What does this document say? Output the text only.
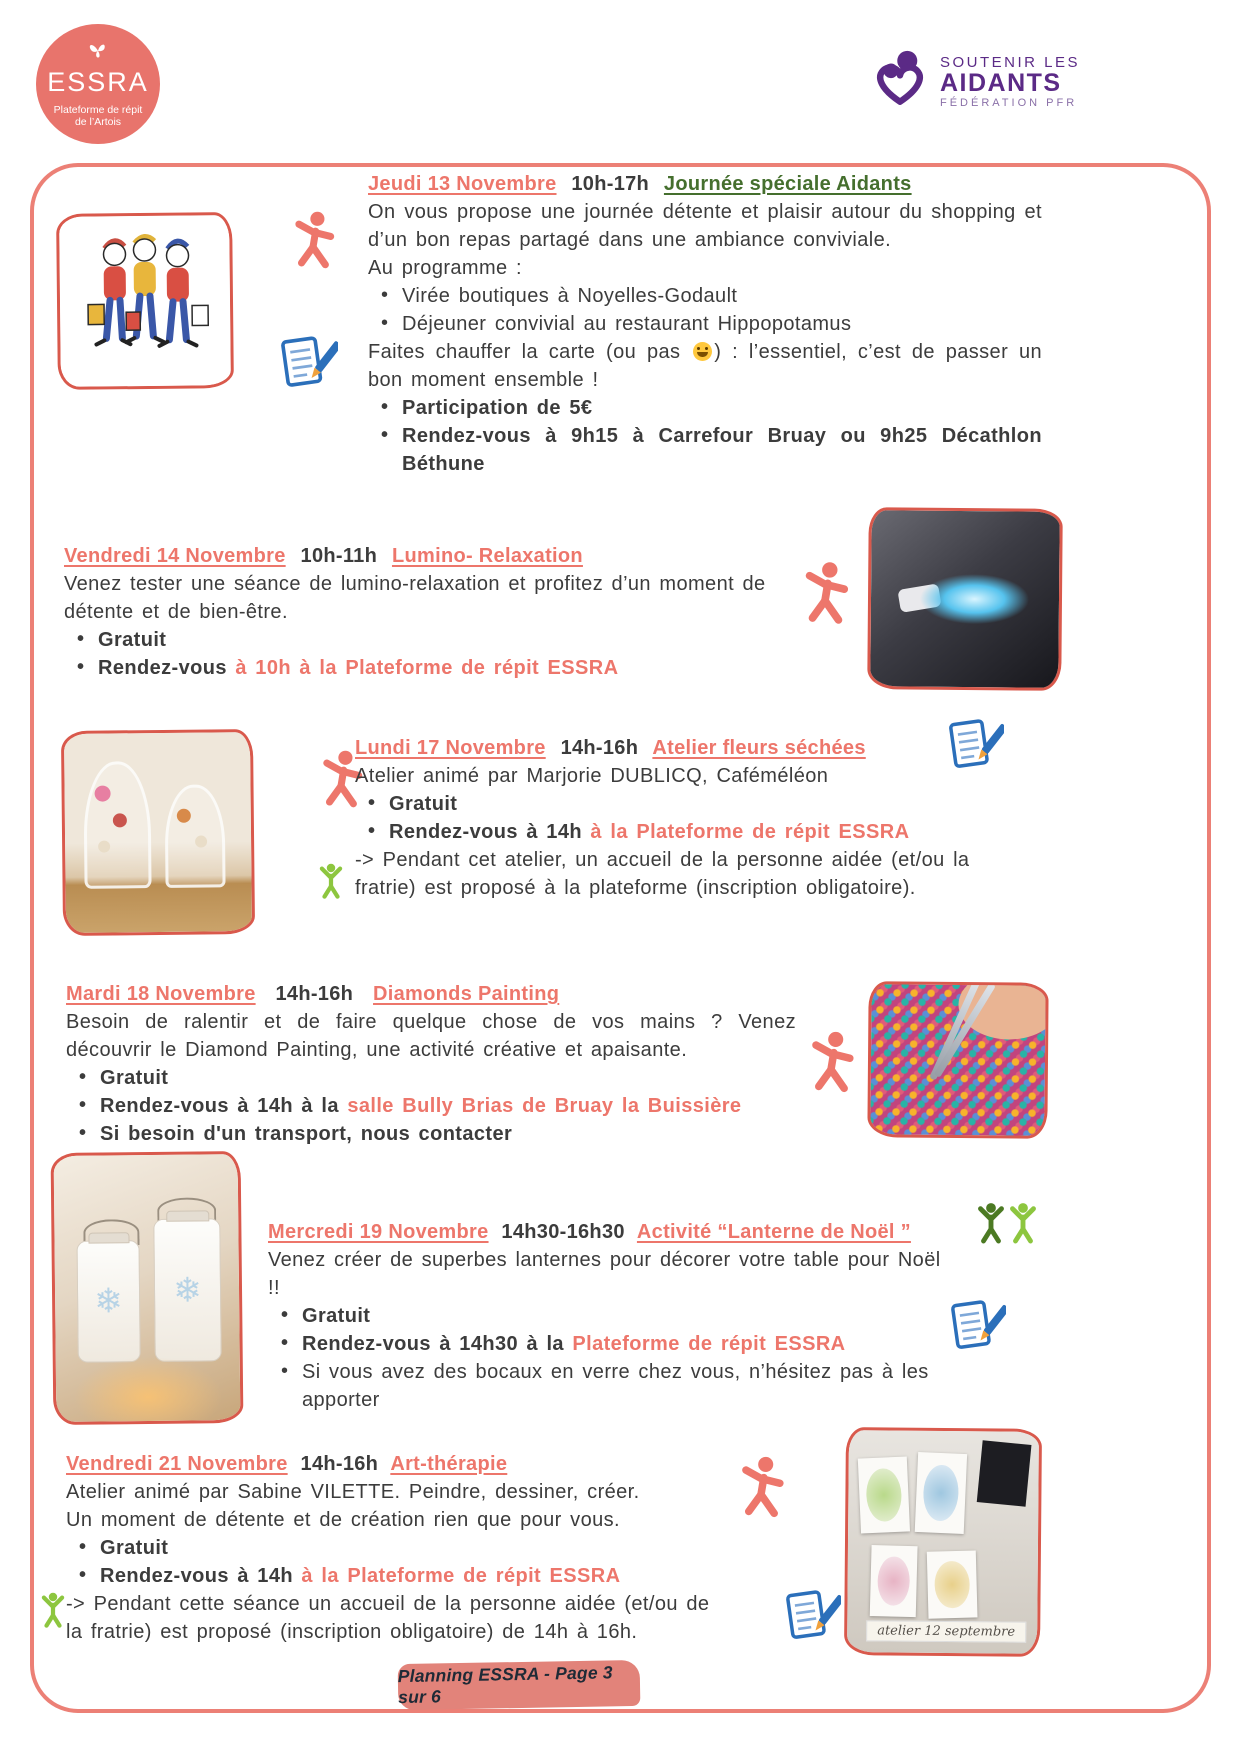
ESSRA
Plateforme de répit
de l’Artois
SOUTENIR LES
AIDANTS
FÉDÉRATION PFR
Jeudi 13 Novembre 10h-17h Journée spéciale Aidants
On vous propose une journée détente et plaisir autour du shopping et d’un bon repas partagé dans une ambiance conviviale.
Au programme :
• Virée boutiques à Noyelles-Godault
• Déjeuner convivial au restaurant Hippopotamus
Faites chauffer la carte (ou pas ) : l’essentiel, c’est de passer un bon moment ensemble !
• Participation de 5€
• Rendez-vous à 9h15 à Carrefour Bruay ou 9h25 Décathlon Béthune
Vendredi 14 Novembre 10h-11h Lumino- Relaxation
Venez tester une séance de lumino-relaxation et profitez d’un moment de détente et de bien-être.
• Gratuit
• Rendez-vous à 10h à la Plateforme de répit ESSRA
Lundi 17 Novembre 14h-16h Atelier fleurs séchées
Atelier animé par Marjorie DUBLICQ, Caféméléon
• Gratuit
• Rendez-vous à 14h à la Plateforme de répit ESSRA
-> Pendant cet atelier, un accueil de la personne aidée (et/ou la fratrie) est proposé à la plateforme (inscription obligatoire).
Mardi 18 Novembre 14h-16h Diamonds Painting
Besoin de ralentir et de faire quelque chose de vos mains ? Venez découvrir le Diamond Painting, une activité créative et apaisante.
• Gratuit
• Rendez-vous à 14h à la salle Bully Brias de Bruay la Buissière
• Si besoin d'un transport, nous contacter
❄
❄
Mercredi 19 Novembre 14h30-16h30 Activité “Lanterne de Noël ”
Venez créer de superbes lanternes pour décorer votre table pour Noël !!
• Gratuit
• Rendez-vous à 14h30 à la Plateforme de répit ESSRA
• Si vous avez des bocaux en verre chez vous, n’hésitez pas à les apporter
Vendredi 21 Novembre 14h-16h Art-thérapie
Atelier animé par Sabine VILETTE. Peindre, dessiner, créer.
Un moment de détente et de création rien que pour vous.
• Gratuit
• Rendez-vous à 14h à la Plateforme de répit ESSRA
-> Pendant cette séance un accueil de la personne aidée (et/ou de la fratrie) est proposé (inscription obligatoire) de 14h à 16h.	atelier 12 septembre
Planning ESSRA - Page 3 sur 6
